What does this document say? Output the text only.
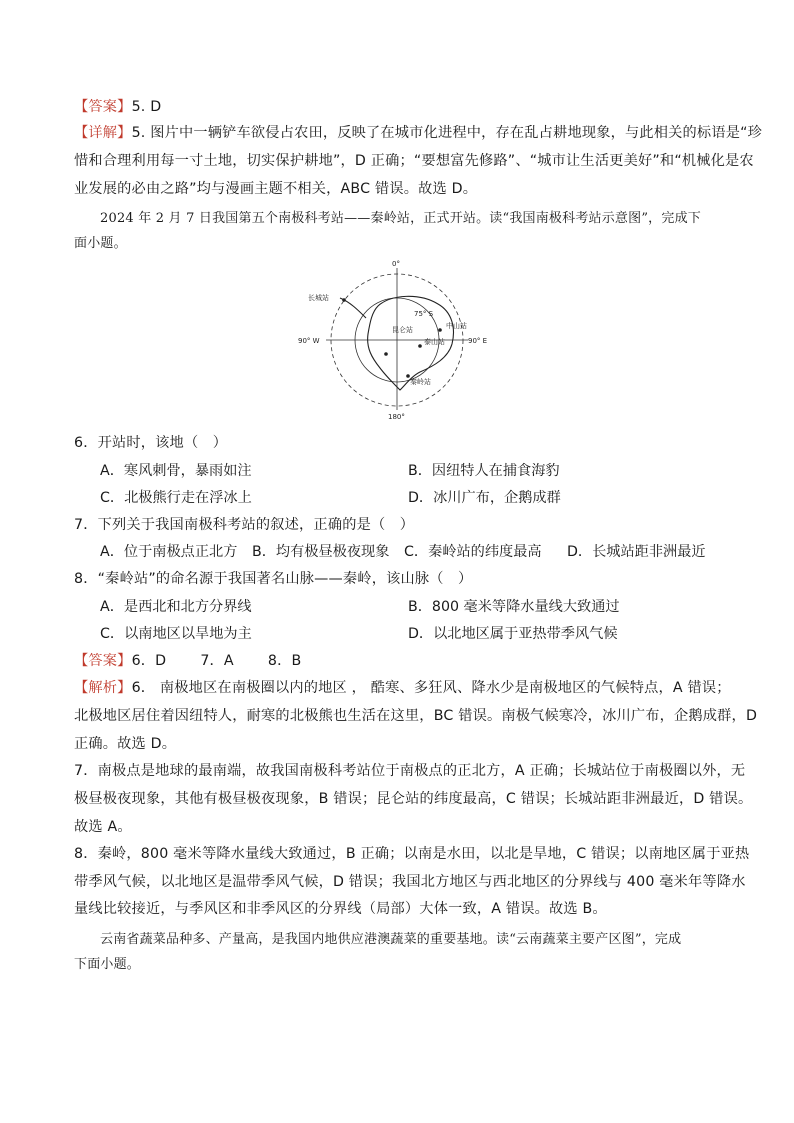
【答案】5. D
【详解】5. 图片中一辆铲车欲侵占农田，反映了在城市化进程中，存在乱占耕地现象，与此相关的标语是“珍
惜和合理利用每一寸土地，切实保护耕地”，D 正确；“要想富先修路”、“城市让生活更美好”和“机械化是农
业发展的必由之路”均与漫画主题不相关，ABC 错误。故选 D。
2024 年 2 月 7 日我国第五个南极科考站——秦岭站，正式开站。读“我国南极科考站示意图”，完成下
面小题。
0°
180°
90° W	90° E
75° S
长城站
昆仑站	中山站
泰山站
秦岭站
6．开站时，该地（　）
A．寒风刺骨，暴雨如注	B．因纽特人在捕食海豹
C．北极熊行走在浮冰上	D．冰川广布，企鹅成群
7．下列关于我国南极科考站的叙述，正确的是（　）
A．位于南极点正北方 B．均有极昼极夜现象 C．秦岭站的纬度最高 D．长城站距非洲最近
8．“秦岭站”的命名源于我国著名山脉——秦岭，该山脉（　）
A．是西北和北方分界线	B．800 毫米等降水量线大致通过
C．以南地区以旱地为主	D．以北地区属于亚热带季风气候
【答案】6．D 7．A 8．B
【解析】6． 南极地区在南极圈以内的地区 ， 酷寒、多狂风、降水少是南极地区的气候特点，A 错误；
北极地区居住着因纽特人，耐寒的北极熊也生活在这里，BC 错误。南极气候寒冷，冰川广布，企鹅成群，D
正确。故选 D。
7．南极点是地球的最南端，故我国南极科考站位于南极点的正北方，A 正确；长城站位于南极圈以外，无
极昼极夜现象，其他有极昼极夜现象，B 错误；昆仑站的纬度最高，C 错误；长城站距非洲最近，D 错误。
故选 A。
8．秦岭，800 毫米等降水量线大致通过，B 正确；以南是水田，以北是旱地，C 错误；以南地区属于亚热
带季风气候，以北地区是温带季风气候，D 错误；我国北方地区与西北地区的分界线与 400 毫米年等降水
量线比较接近，与季风区和非季风区的分界线（局部）大体一致，A 错误。故选 B。
云南省蔬菜品种多、产量高，是我国内地供应港澳蔬菜的重要基地。读“云南蔬菜主要产区图”，完成
下面小题。
